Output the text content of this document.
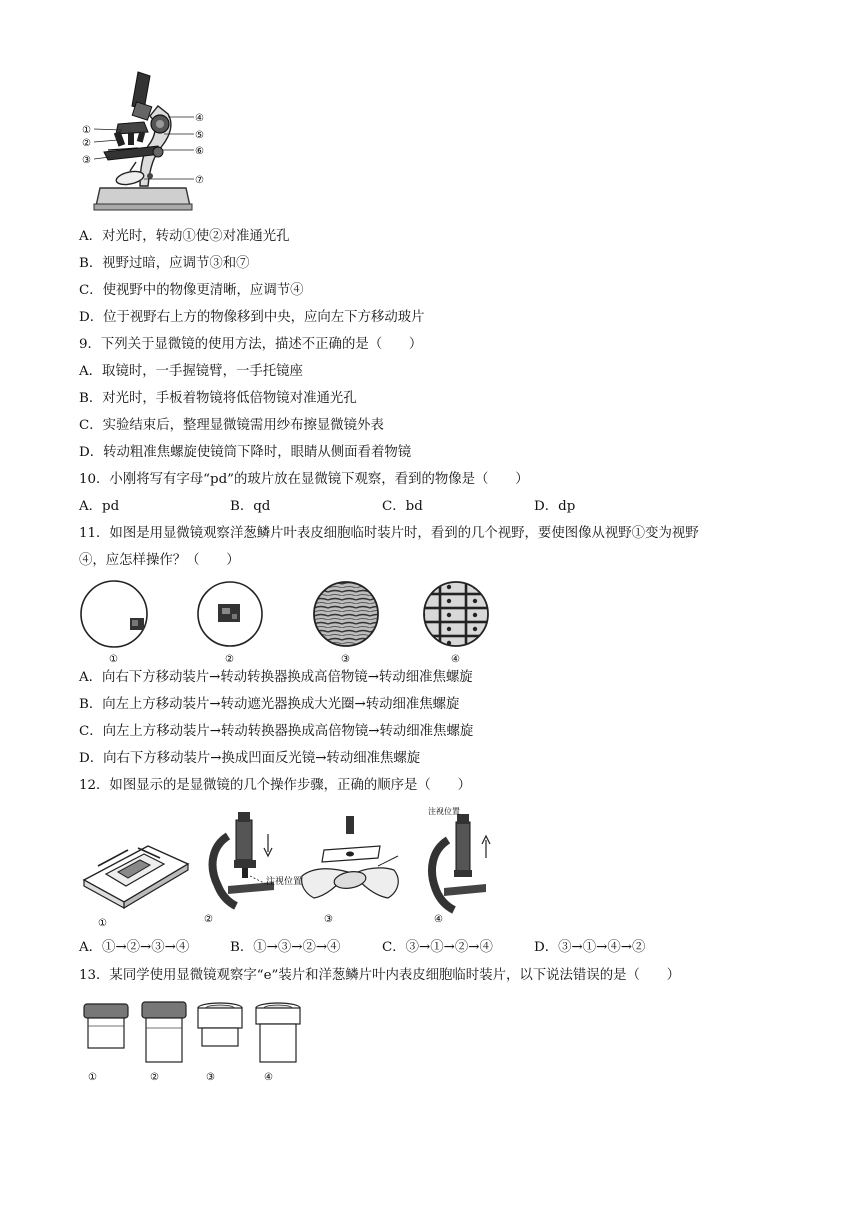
①
②
③
④
⑤
⑥
⑦
A．对光时，转动①使②对准通光孔
B．视野过暗，应调节③和⑦
C．使视野中的物像更清晰，应调节④
D．位于视野右上方的物像移到中央，应向左下方移动玻片
9．下列关于显微镜的使用方法，描述不正确的是（　　）
A．取镜时，一手握镜臂，一手托镜座
B．对光时，手板着物镜将低倍物镜对准通光孔
C．实验结束后，整理显微镜需用纱布擦显微镜外表
D．转动粗准焦螺旋使镜筒下降时，眼睛从侧面看着物镜
10．小刚将写有字母“pd”的玻片放在显微镜下观察，看到的物像是（　　）
A．pd	B．qd	C．bd	D．dp
11．如图是用显微镜观察洋葱鳞片叶表皮细胞临时装片时，看到的几个视野，要使图像从视野①变为视野
④，应怎样操作？（　　）
①	②	③	④
A．向右下方移动装片→转动转换器换成高倍物镜→转动细准焦螺旋
B．向左上方移动装片→转动遮光器换成大光圈→转动细准焦螺旋
C．向左上方移动装片→转动转换器换成高倍物镜→转动细准焦螺旋
D．向右下方移动装片→换成凹面反光镜→转动细准焦螺旋
12．如图显示的是显微镜的几个操作步骤，正确的顺序是（　　）
注视位置
注视位置
①	②	③	④
A．①→②→③→④	B．①→③→②→④	C．③→①→②→④	D．③→①→④→②
13．某同学使用显微镜观察字“e”装片和洋葱鳞片叶内表皮细胞临时装片，以下说法错误的是（　　）
①	②	③	④
